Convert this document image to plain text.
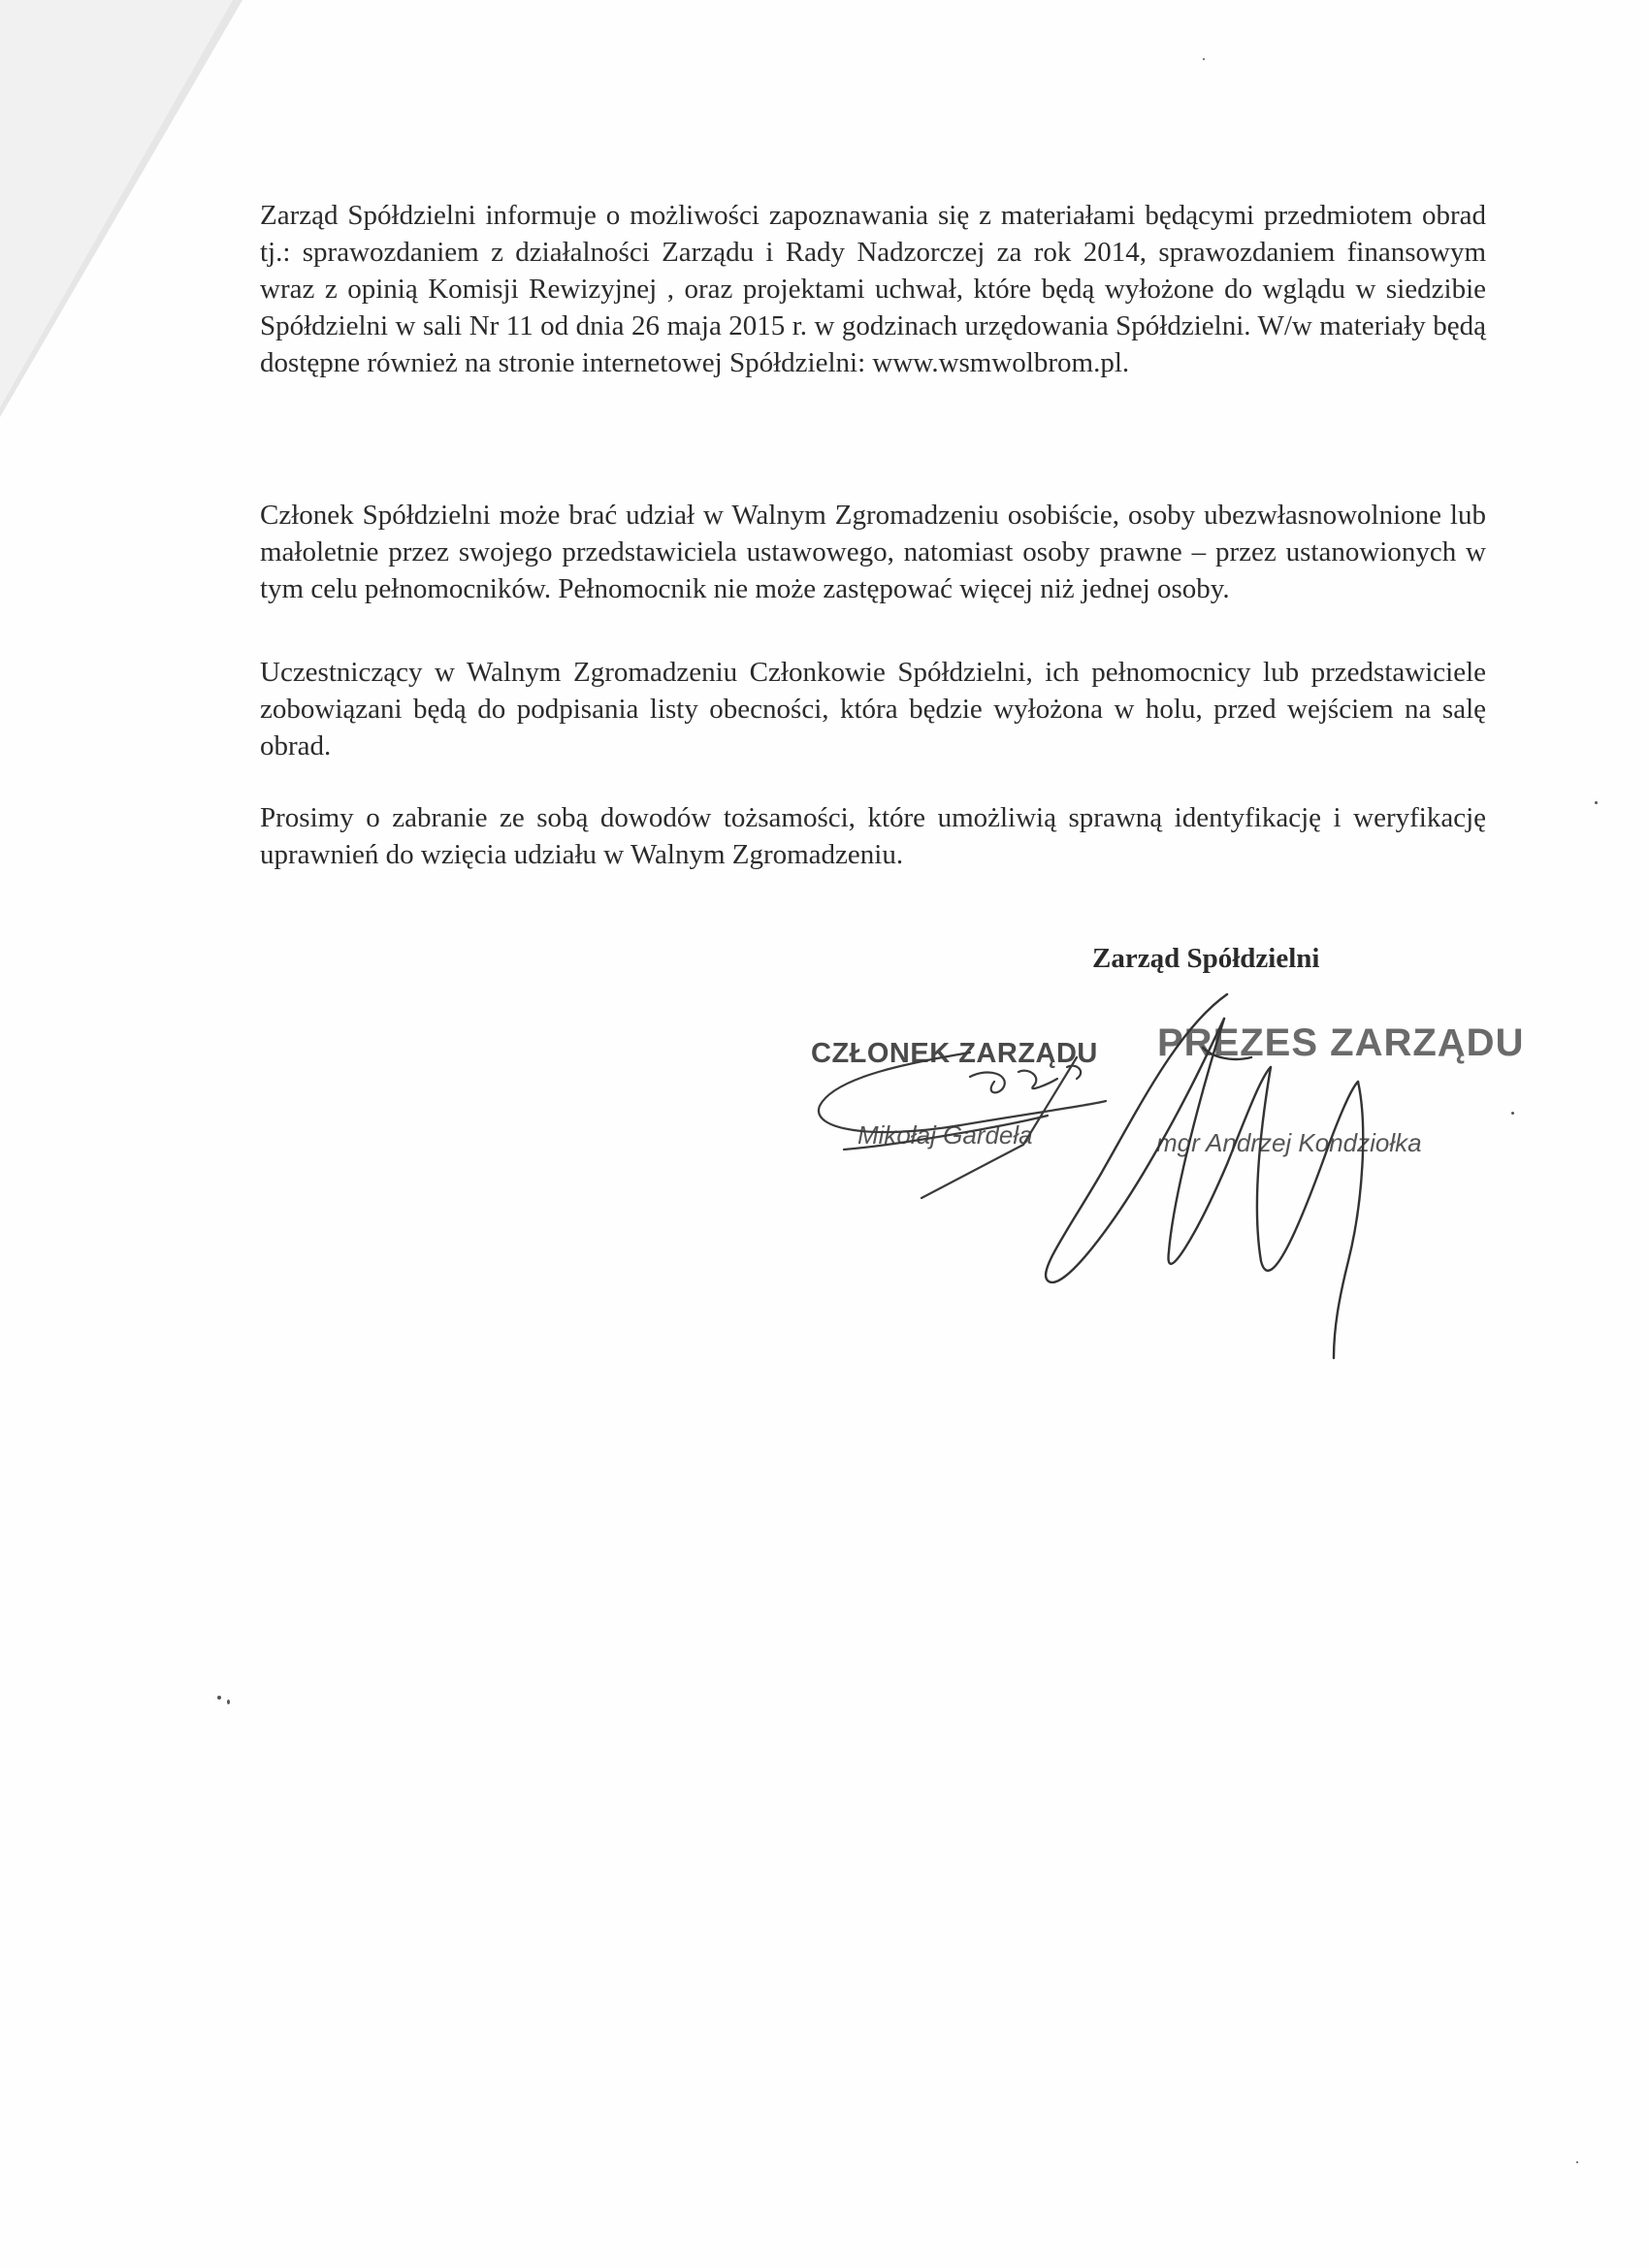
Zarząd Spółdzielni informuje o możliwości zapoznawania się z materiałami będącymi przedmiotem obrad tj.: sprawozdaniem z działalności Zarządu i Rady Nadzorczej za rok 2014, sprawozdaniem finansowym wraz z opinią Komisji Rewizyjnej , oraz projektami uchwał, które będą wyłożone do wglądu w siedzibie Spółdzielni w sali Nr 11 od dnia 26 maja 2015 r. w godzinach urzędowania Spółdzielni. W/w materiały będą dostępne również na stronie internetowej Spółdzielni: www.wsmwolbrom.pl.

Członek Spółdzielni może brać udział w Walnym Zgromadzeniu osobiście, osoby ubezwłasnowolnione lub małoletnie przez swojego przedstawiciela ustawowego, natomiast osoby prawne – przez ustanowionych w tym celu pełnomocników. Pełnomocnik nie może zastępować więcej niż jednej osoby.

Uczestniczący w Walnym Zgromadzeniu Członkowie Spółdzielni, ich pełnomocnicy lub przedstawiciele zobowiązani będą do podpisania listy obecności, która będzie wyłożona w holu, przed wejściem na salę obrad.

Prosimy o zabranie ze sobą dowodów tożsamości, które umożliwią sprawną identyfikację i weryfikację uprawnień do wzięcia udziału w Walnym Zgromadzeniu.

Zarząd Spółdzielni
CZŁONEK ZARZĄDU
Mikołaj Gardeła
PREZES ZARZĄDU
mgr Andrzej Kondziołka
